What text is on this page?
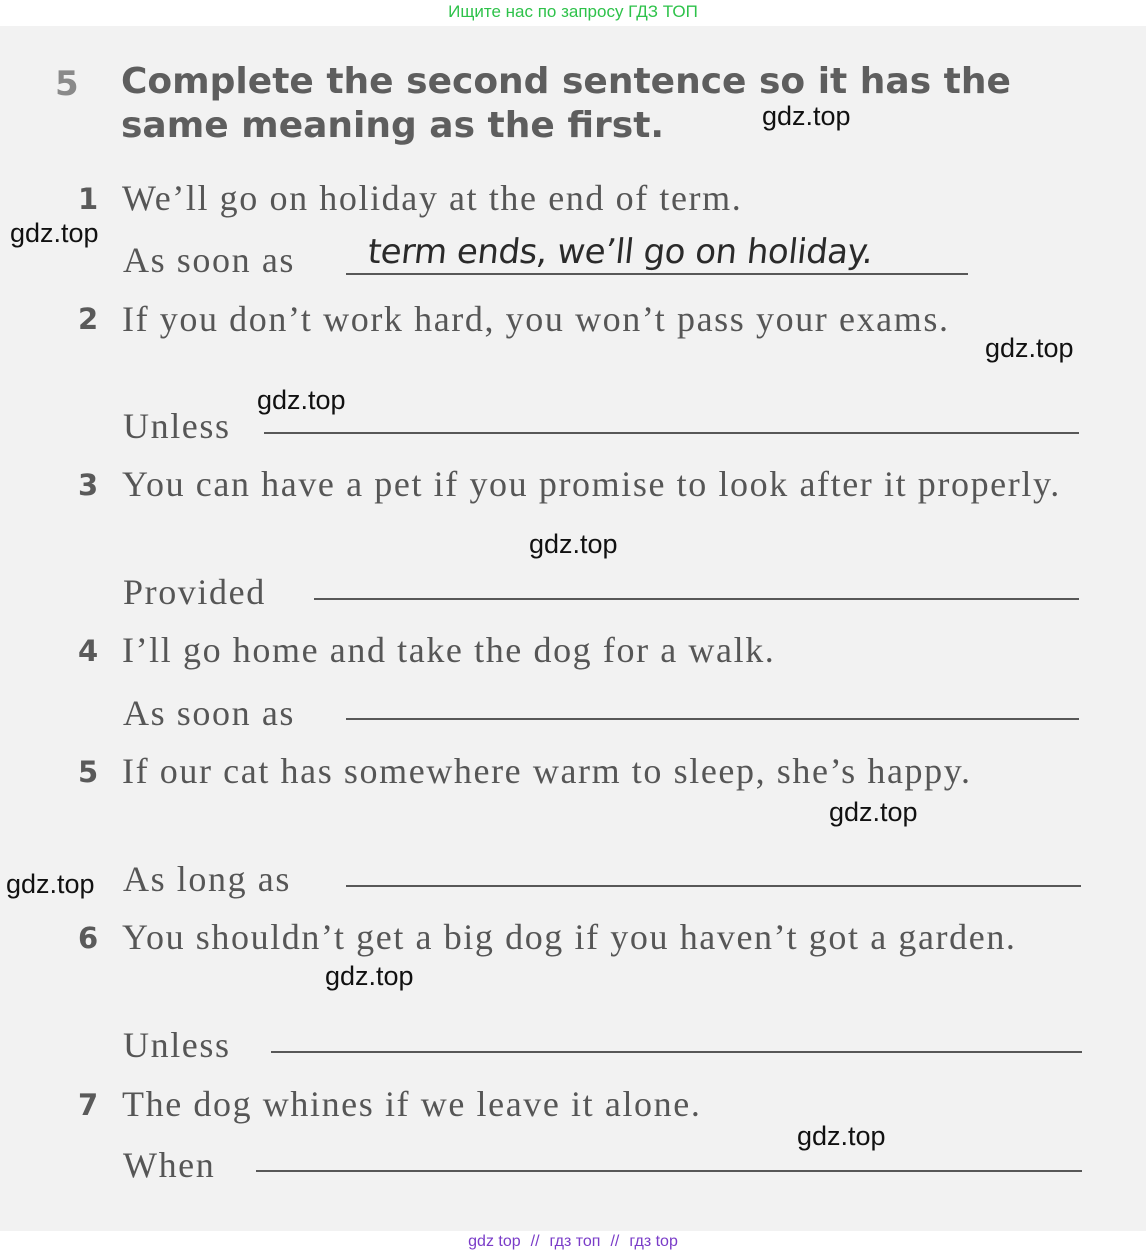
Ищите нас по запросу ГДЗ ТОП
5 Complete the second sentence so it has the same meaning as the first.
1 We’ll go on holiday at the end of term.
As soon as term ends, we’ll go on holiday.
2 If you don’t work hard, you won’t pass your exams.
Unless
3 You can have a pet if you promise to look after it properly.
Provided
4 I’ll go home and take the dog for a walk.
As soon as
5 If our cat has somewhere warm to sleep, she’s happy.
As long as
6 You shouldn’t get a big dog if you haven’t got a garden.
Unless
7 The dog whines if we leave it alone.
When
gdz.top
gdz.top
gdz.top
gdz.top
gdz.top
gdz.top
gdz.top
gdz.top
gdz.top
gdz top // гдз топ // гдз top
